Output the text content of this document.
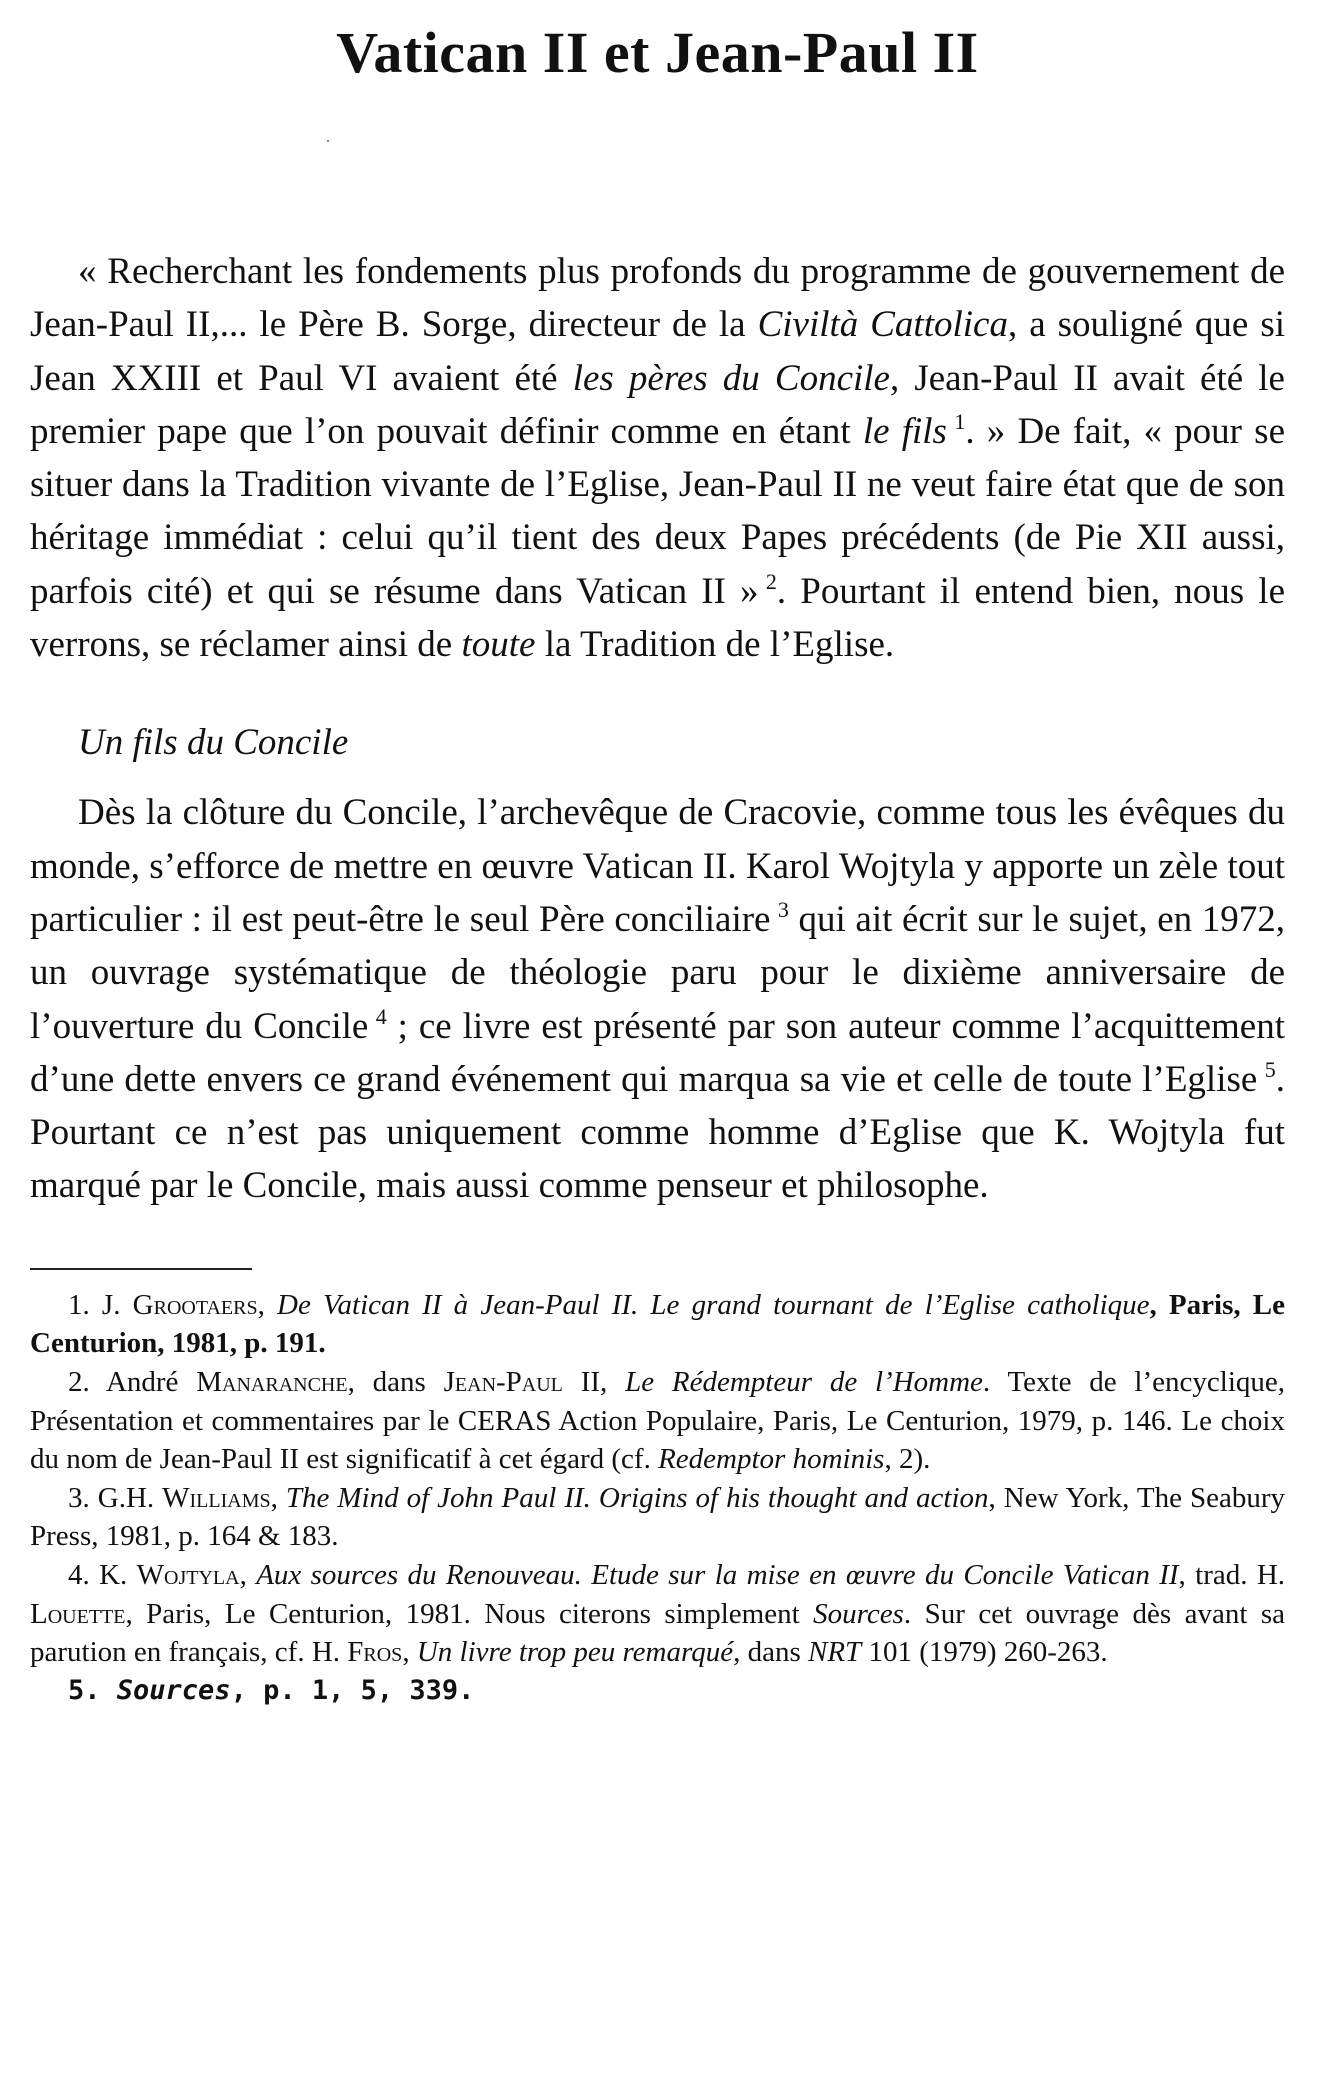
Vatican II et Jean-Paul II

« Recherchant les fondements plus profonds du programme de gouvernement de Jean-Paul II,... le Père B. Sorge, directeur de la Civiltà Cattolica, a souligné que si Jean XXIII et Paul VI avaient été les pères du Concile, Jean-Paul II avait été le premier pape que l’on pouvait définir comme en étant le fils  $^1$. » De fait, « pour se situer dans la Tradition vivante de l’Eglise, Jean-Paul II ne veut faire état que de son héritage immédiat : celui qu’il tient des deux Papes précédents (de Pie XII aussi, parfois cité) et qui se résume dans Vatican II »  $^2$. Pourtant il entend bien, nous le verrons, se réclamer ainsi de toute la Tradition de l’Eglise.

Un fils du Concile

Dès la clôture du Concile, l’archevêque de Cracovie, comme tous les évêques du monde, s’efforce de mettre en œuvre Vatican II. Karol Wojtyla y apporte un zèle tout particulier : il est peut-être le seul Père conciliaire  $^3$ qui ait écrit sur le sujet, en 1972, un ouvrage systématique de théologie paru pour le dixième anniversaire de l’ouverture du Concile  $^4$ ; ce livre est présenté par son auteur comme l’acquittement d’une dette envers ce grand événement qui marqua sa vie et celle de toute l’Eglise  $^5$. Pourtant ce n’est pas uniquement comme homme d’Eglise que K. Wojtyla fut marqué par le Concile, mais aussi comme penseur et philosophe.

1. J. Grootaers, De Vatican II à Jean-Paul II. Le grand tournant de l’Eglise catholique, Paris, Le Centurion, 1981, p. 191.

2. André Manaranche, dans Jean-Paul II, Le Rédempteur de l’Homme. Texte de l’encyclique, Présentation et commentaires par le CERAS Action Populaire, Paris, Le Centurion, 1979, p. 146. Le choix du nom de Jean-Paul II est significatif à cet égard (cf. Redemptor hominis, 2).

3. G.H. Williams, The Mind of John Paul II. Origins of his thought and action, New York, The Seabury Press, 1981, p. 164 & 183.

4. K. Wojtyla, Aux sources du Renouveau. Etude sur la mise en œuvre du Concile Vatican II, trad. H. Louette, Paris, Le Centurion, 1981. Nous citerons simplement Sources. Sur cet ouvrage dès avant sa parution en français, cf. H. Fros, Un livre trop peu remarqué, dans NRT 101 (1979) 260-263.

5. Sources, p. 1, 5, 339.
